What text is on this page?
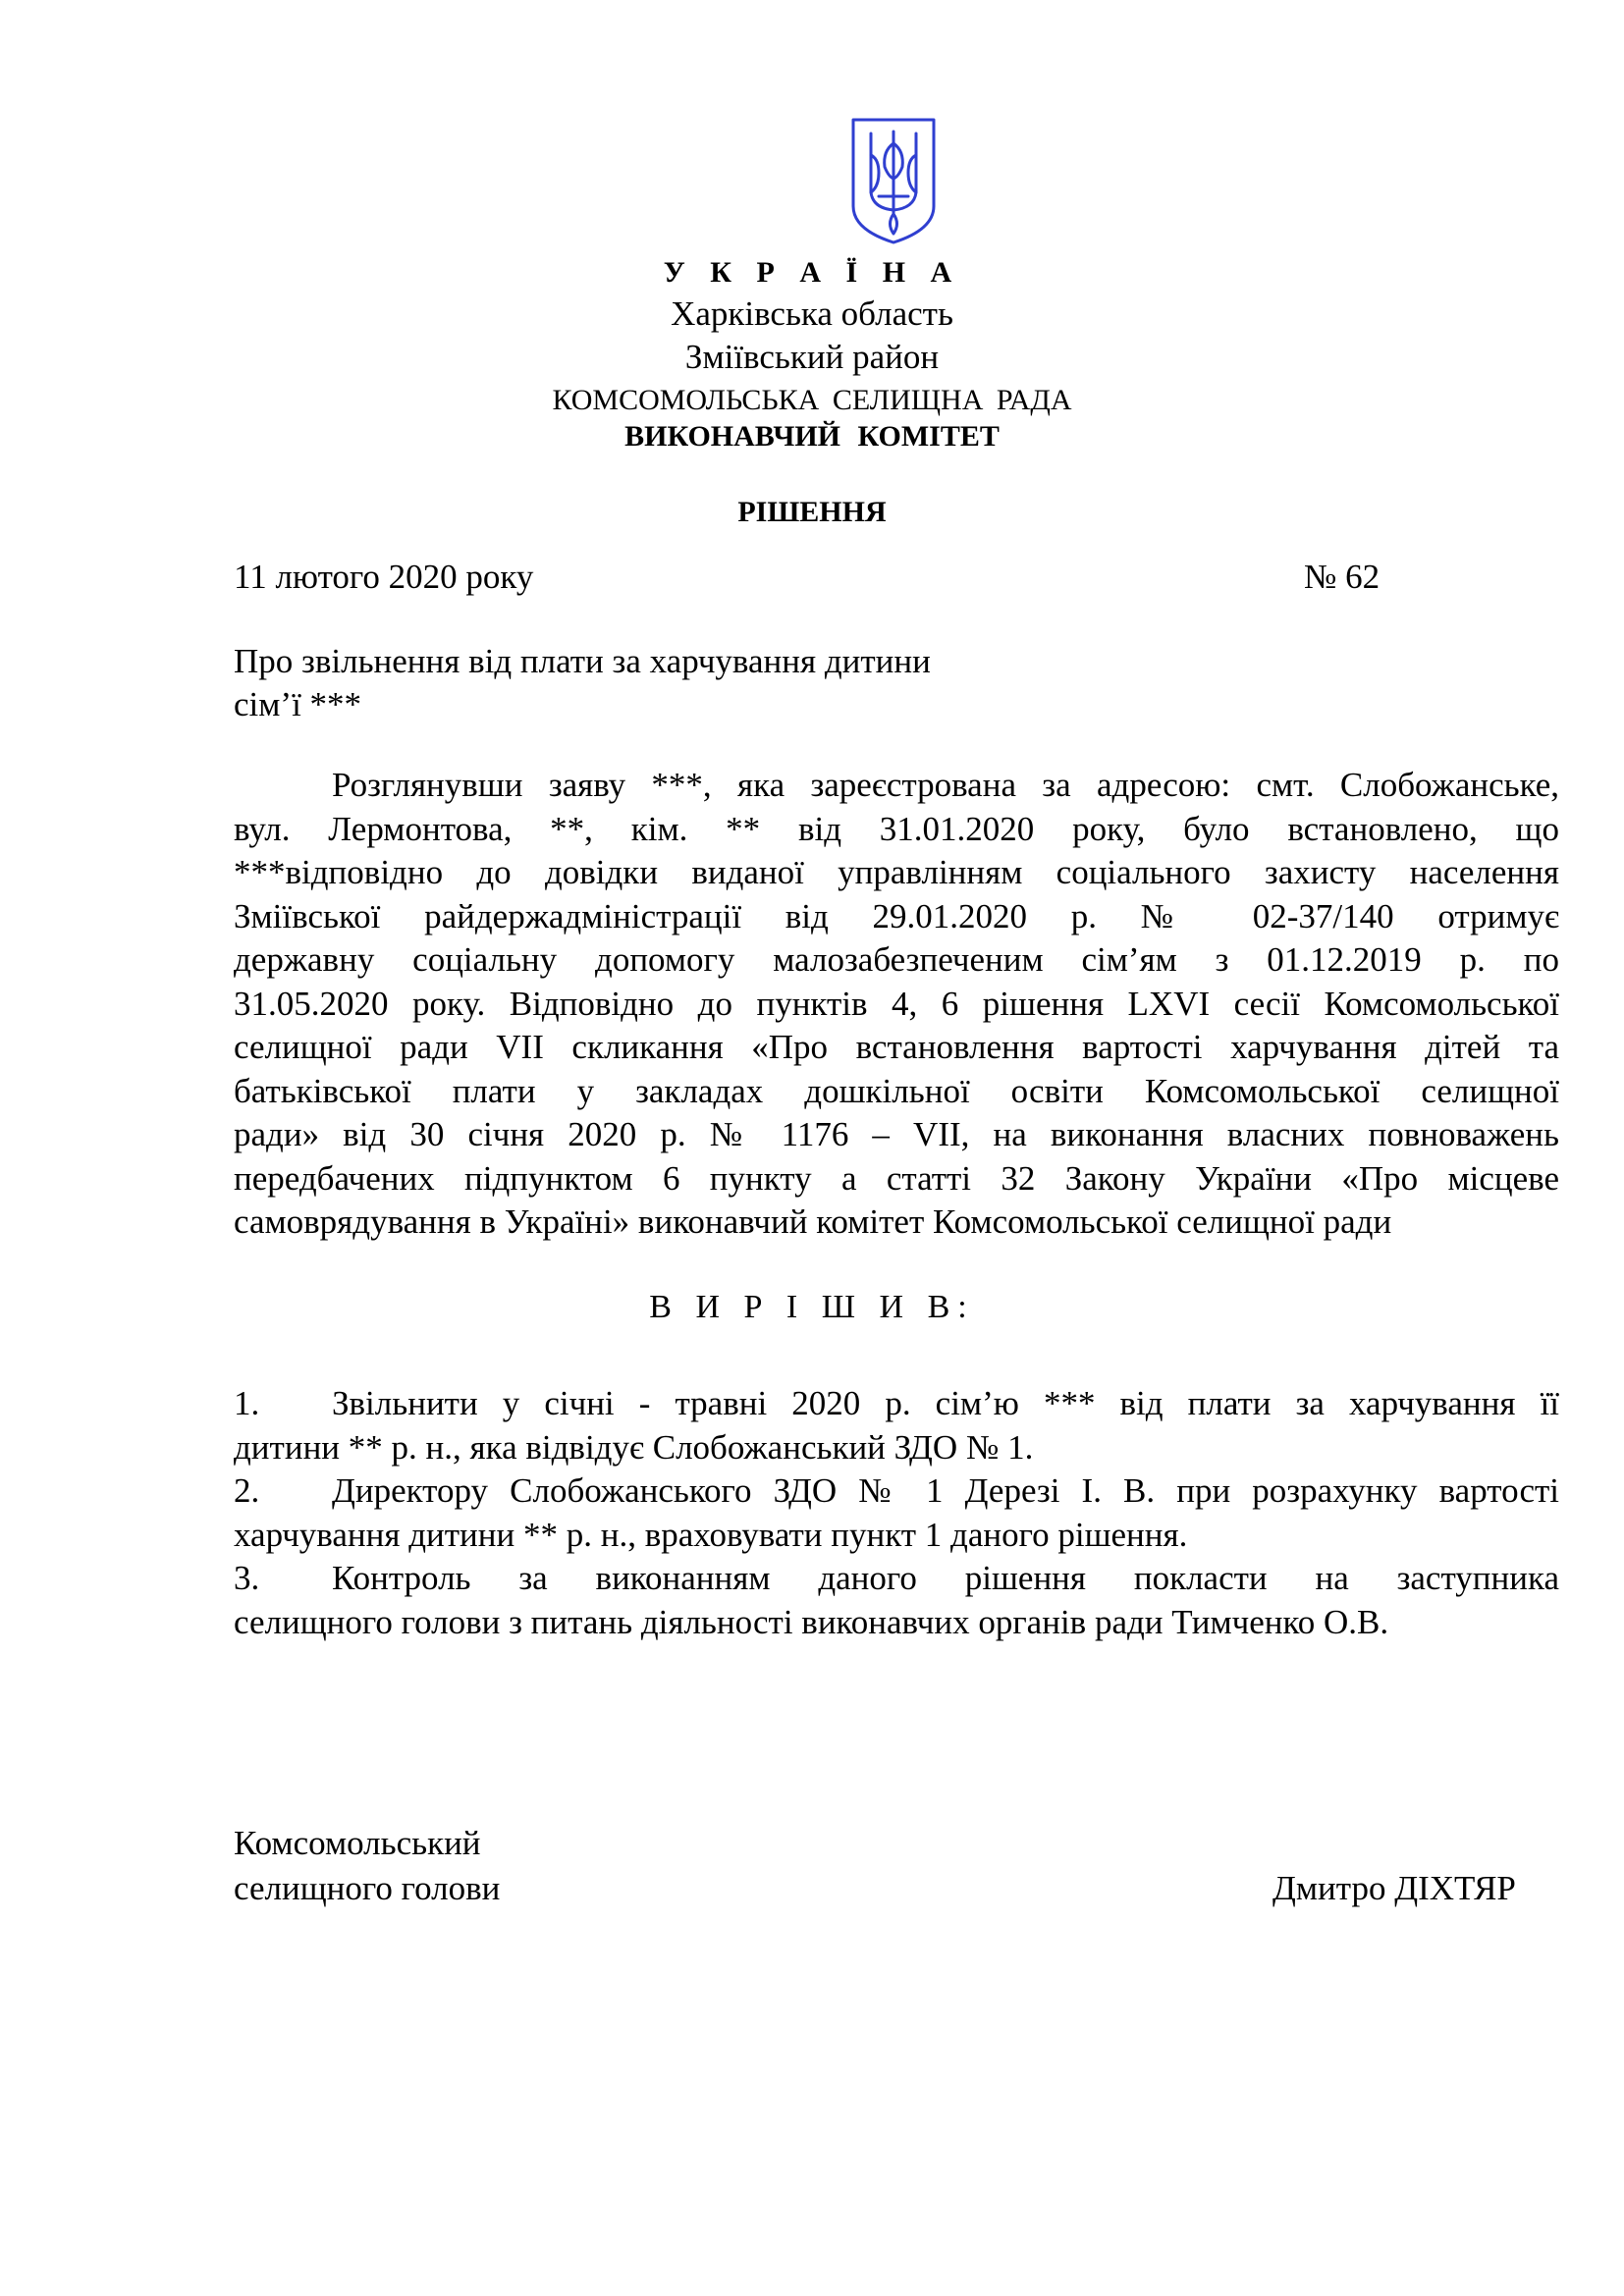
У К Р А Ї Н А
Харківська область
Зміївський район
КОМСОМОЛЬСЬКА СЕЛИЩНА РАДА
ВИКОНАВЧИЙ КОМІТЕТ
РІШЕННЯ
11 лютого 2020 року	№ 62
Про звільнення від плати за харчування дитини
сім’ї ***
Розглянувши заяву ***, яка зареєстрована за адресою: смт. Слобожанське,
вул. Лермонтова, **, кім. ** від 31.01.2020 року, було встановлено, що
***відповідно до довідки виданої управлінням соціального захисту населення
Зміївської райдержадміністрації від 29.01.2020 р. № 02-37/140 отримує
державну соціальну допомогу малозабезпеченим сім’ям з 01.12.2019 р. по
31.05.2020 року. Відповідно до пунктів 4, 6 рішення LXVI сесії Комсомольської
селищної ради VII скликання «Про встановлення вартості харчування дітей та
батьківської плати у закладах дошкільної освіти Комсомольської селищної
ради» від 30 січня 2020 р. № 1176 – VII, на виконання власних повноважень
передбачених підпунктом 6 пункту а статті 32 Закону України «Про місцеве
самоврядування в Україні» виконавчий комітет Комсомольської селищної ради
В И Р І Ш И В:
1. Звільнити у січні - травні 2020 р. сім’ю *** від плати за харчування її
дитини ** р. н., яка відвідує Слобожанський ЗДО № 1.
2. Директору Слобожанського ЗДО № 1 Дерезі І. В. при розрахунку вартості
харчування дитини ** р. н., враховувати пункт 1 даного рішення.
3. Контроль за виконанням даного рішення покласти на заступника
селищного голови з питань діяльності виконавчих органів ради Тимченко О.В.
Комсомольський
селищного голови	Дмитро ДІХТЯР
